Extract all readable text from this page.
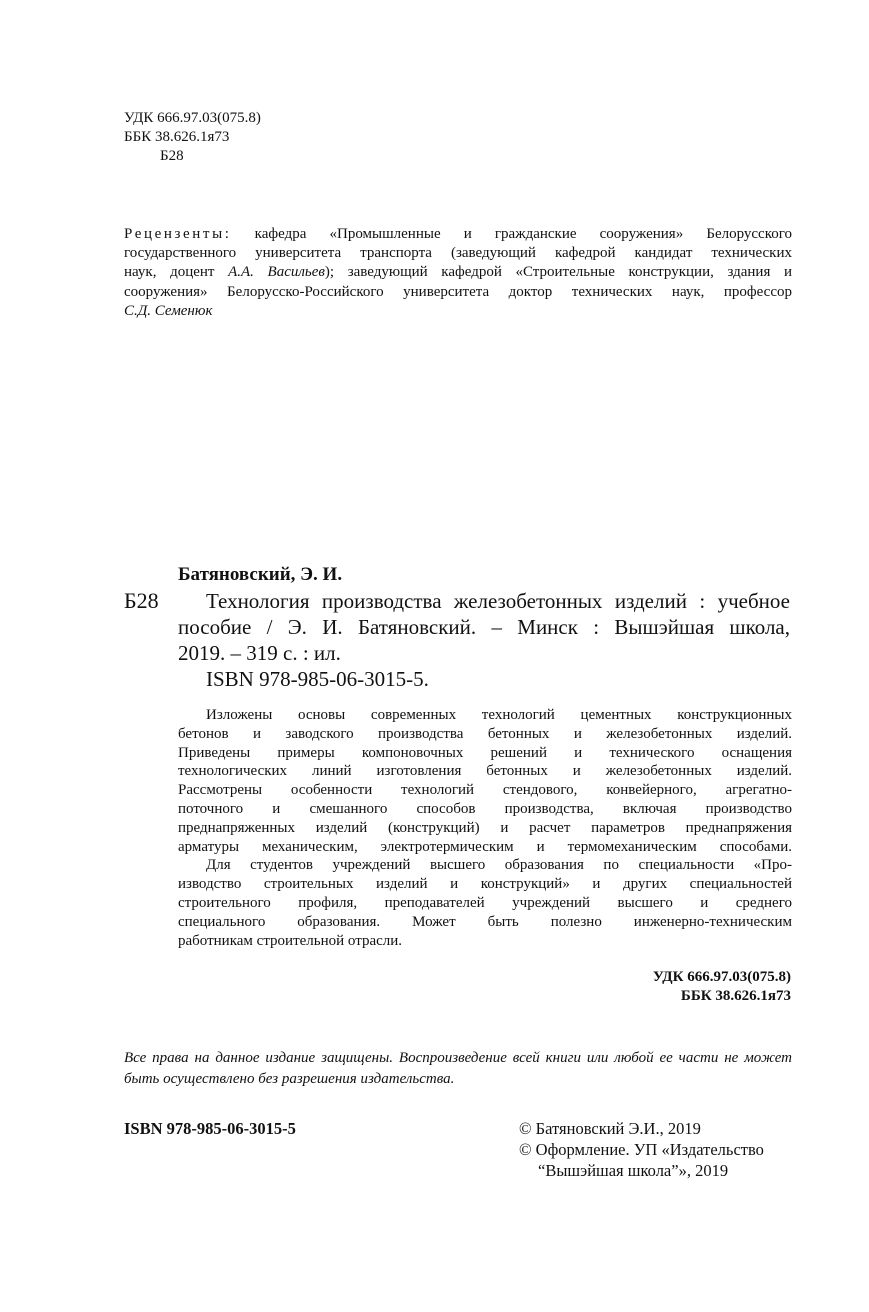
УДК 666.97.03(075.8)
ББК 38.626.1я73
Б28
Рецензенты: кафедра «Промышленные и гражданские сооружения» Белорусского
государственного университета транспорта (заведующий кафедрой кандидат технических
наук, доцент А.А. Васильев); заведующий кафедрой «Строительные конструкции, здания и
сооружения» Белорусско-Российского университета доктор технических наук, профессор
С.Д. Семенюк
Батяновский, Э. И.
Б28	Технология производства железобетонных изделий : учебное
пособие / Э. И. Батяновский. – Минск : Вышэйшая школа,
2019. – 319 с. : ил.
ISBN 978-985-06-3015-5.
Изложены основы современных технологий цементных конструкционных
бетонов и заводского производства бетонных и железобетонных изделий.
Приведены примеры компоновочных решений и технического оснащения
технологических линий изготовления бетонных и железобетонных изделий.
Рассмотрены особенности технологий стендового, конвейерного, агрегатно-
поточного и смешанного способов производства, включая производство
преднапряженных изделий (конструкций) и расчет параметров преднапряжения
арматуры механическим, электротермическим и термомеханическим способами.
Для студентов учреждений высшего образования по специальности «Про-
изводство строительных изделий и конструкций» и других специальностей
строительного профиля, преподавателей учреждений высшего и среднего
специального образования. Может быть полезно инженерно-техническим
работникам строительной отрасли.
УДК 666.97.03(075.8)
ББК 38.626.1я73
Все права на данное издание защищены. Воспроизведение всей книги или любой ее части не может
быть осуществлено без разрешения издательства.
ISBN 978-985-06-3015-5	© Батяновский Э.И., 2019
© Оформление. УП «Издательство
“Вышэйшая школа”», 2019
